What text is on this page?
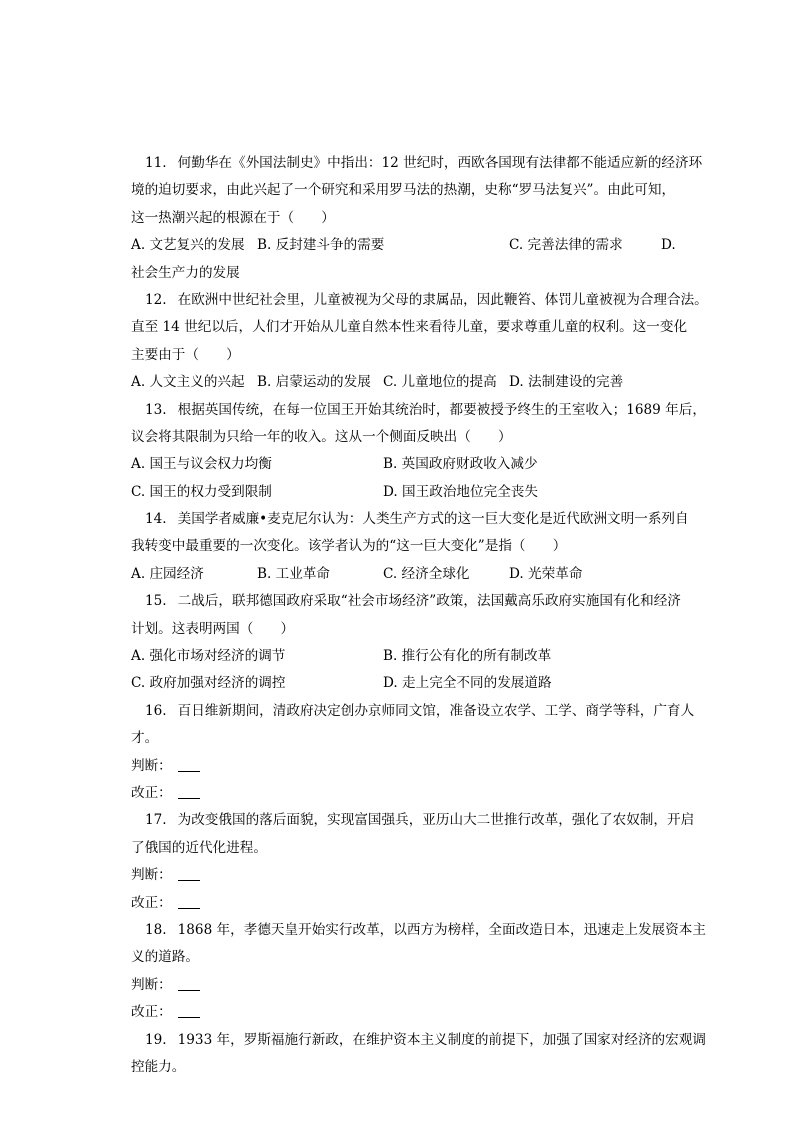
11. 何勤华在《外国法制史》中指出：12 世纪时，西欧各国现有法律都不能适应新的经济环
境的迫切要求，由此兴起了一个研究和采用罗马法的热潮，史称“罗马法复兴”。由此可知，
这一热潮兴起的根源在于（　　）
A. 文艺复兴的发展 B. 反封建斗争的需要	C. 完善法律的需求	D.
社会生产力的发展
12. 在欧洲中世纪社会里，儿童被视为父母的隶属品，因此鞭笞、体罚儿童被视为合理合法。
直至 14 世纪以后，人们才开始从儿童自然本性来看待儿童，要求尊重儿童的权利。这一变化
主要由于（　　）
A. 人文主义的兴起 B. 启蒙运动的发展 C. 儿童地位的提高 D. 法制建设的完善
13. 根据英国传统，在每一位国王开始其统治时，都要被授予终生的王室收入；1689 年后，
议会将其限制为只给一年的收入。这从一个侧面反映出（　　）
A. 国王与议会权力均衡	B. 英国政府财政收入减少
C. 国王的权力受到限制	D. 国王政治地位完全丧失
14. 美国学者威廉•麦克尼尔认为：人类生产方式的这一巨大变化是近代欧洲文明一系列自
我转变中最重要的一次变化。该学者认为的“这一巨大变化”是指（　　）
A. 庄园经济	B. 工业革命	C. 经济全球化	D. 光荣革命
15. 二战后，联邦德国政府采取“社会市场经济”政策，法国戴高乐政府实施国有化和经济
计划。这表明两国（　　）
A. 强化市场对经济的调节	B. 推行公有化的所有制改革
C. 政府加强对经济的调控	D. 走上完全不同的发展道路
16. 百日维新期间，清政府决定创办京师同文馆，准备设立农学、工学、商学等科，广育人
才。
判断：
改正：
17. 为改变俄国的落后面貌，实现富国强兵，亚历山大二世推行改革，强化了农奴制，开启
了俄国的近代化进程。
判断：
改正：
18. 1868 年，孝德天皇开始实行改革，以西方为榜样，全面改造日本，迅速走上发展资本主
义的道路。
判断：
改正：
19. 1933 年，罗斯福施行新政，在维护资本主义制度的前提下，加强了国家对经济的宏观调
控能力。
